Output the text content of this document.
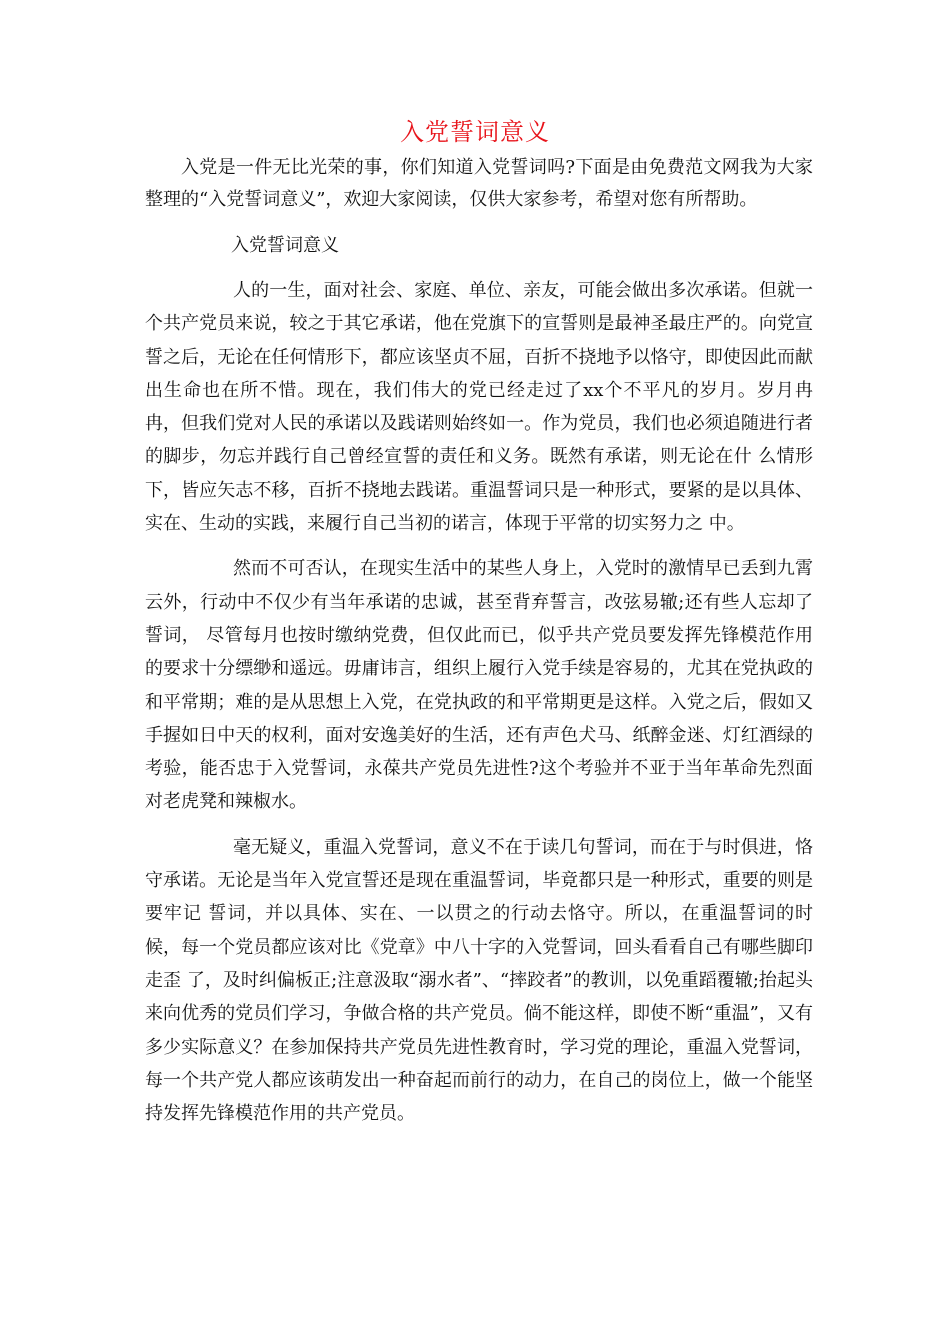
入党誓词意义

入党是一件无比光荣的事，你们知道入党誓词吗?下面是由免费范文网我为大家整理的“入党誓词意义”，欢迎大家阅读，仅供大家参考，希望对您有所帮助。

入党誓词意义

人的一生，面对社会、家庭、单位、亲友，可能会做出多次承诺。但就一个共产党员来说，较之于其它承诺，他在党旗下的宣誓则是最神圣最庄严的。向党宣 誓之后，无论在任何情形下，都应该坚贞不屈，百折不挠地予以恪守，即使因此而献出生命也在所不惜。现在，我们伟大的党已经走过了xx个不平凡的岁月。岁月冉冉，但我们党对人民的承诺以及践诺则始终如一。作为党员，我们也必须追随进行者的脚步，勿忘并践行自己曾经宣誓的责任和义务。既然有承诺，则无论在什 么情形下，皆应矢志不移，百折不挠地去践诺。重温誓词只是一种形式，要紧的是以具体、实在、生动的实践，来履行自己当初的诺言，体现于平常的切实努力之 中。

然而不可否认，在现实生活中的某些人身上，入党时的激情早已丢到九霄云外，行动中不仅少有当年承诺的忠诚，甚至背弃誓言，改弦易辙;还有些人忘却了誓词， 尽管每月也按时缴纳党费，但仅此而已，似乎共产党员要发挥先锋模范作用的要求十分缥缈和遥远。毋庸讳言，组织上履行入党手续是容易的，尤其在党执政的和平常期；难的是从思想上入党，在党执政的和平常期更是这样。入党之后，假如又手握如日中天的权利，面对安逸美好的生活，还有声色犬马、纸醉金迷、灯红酒绿的 考验，能否忠于入党誓词，永葆共产党员先进性?这个考验并不亚于当年革命先烈面对老虎凳和辣椒水。

毫无疑义，重温入党誓词，意义不在于读几句誓词，而在于与时俱进，恪守承诺。无论是当年入党宣誓还是现在重温誓词，毕竟都只是一种形式，重要的则是要牢记 誓词，并以具体、实在、一以贯之的行动去恪守。所以，在重温誓词的时候，每一个党员都应该对比《党章》中八十字的入党誓词，回头看看自己有哪些脚印走歪 了，及时纠偏板正;注意汲取“溺水者”、“摔跤者”的教训，以免重蹈覆辙;抬起头来向优秀的党员们学习，争做合格的共产党员。倘不能这样，即使不断“重温”，又有多少实际意义？在参加保持共产党员先进性教育时，学习党的理论，重温入党誓词，每一个共产党人都应该萌发出一种奋起而前行的动力，在自己的岗位上，做一个能坚持发挥先锋模范作用的共产党员。
